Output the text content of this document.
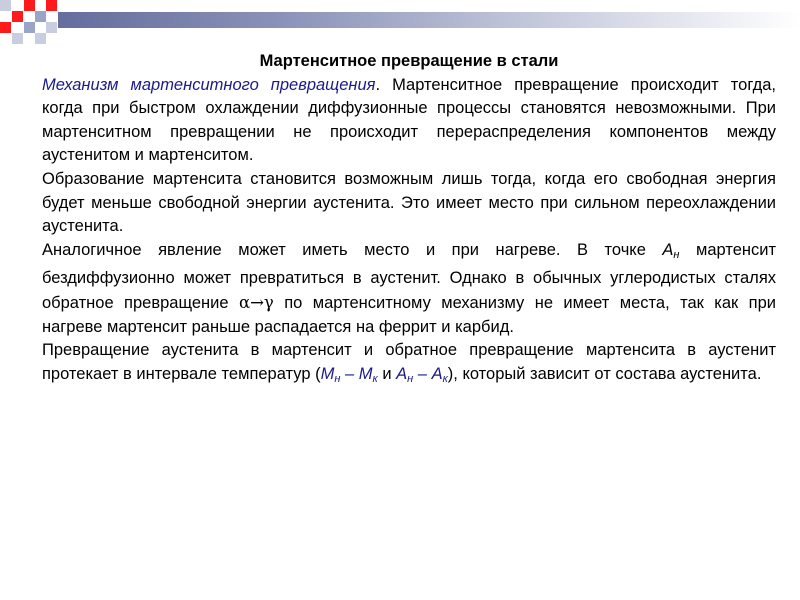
Мартенситное превращение в стали

Механизм мартенситного превращения. Мартенситное превращение происходит тогда, когда при быстром охлаждении диффузионные процессы становятся невозможными. При мартенситном превращении не происходит перераспределения компонентов между аустенитом и мартенситом.

Образование мартенсита становится возможным лишь тогда, когда его свободная энергия будет меньше свободной энергии аустенита. Это имеет место при сильном переохлаждении аустенита.

Аналогичное явление может иметь место и при нагреве. В точке $А_н$ мартенсит бездиффузионно может превратиться в аустенит. Однако в обычных углеродистых сталях обратное превращение α→γ по мартенситному механизму не имеет места, так как при нагреве мартенсит раньше распадается на феррит и карбид.

Превращение аустенита в мартенсит и обратное превращение мартенсита в аустенит протекает в интервале температур ($М_н - М_к$ и $А_н - А_к$), который зависит от состава аустенита.
